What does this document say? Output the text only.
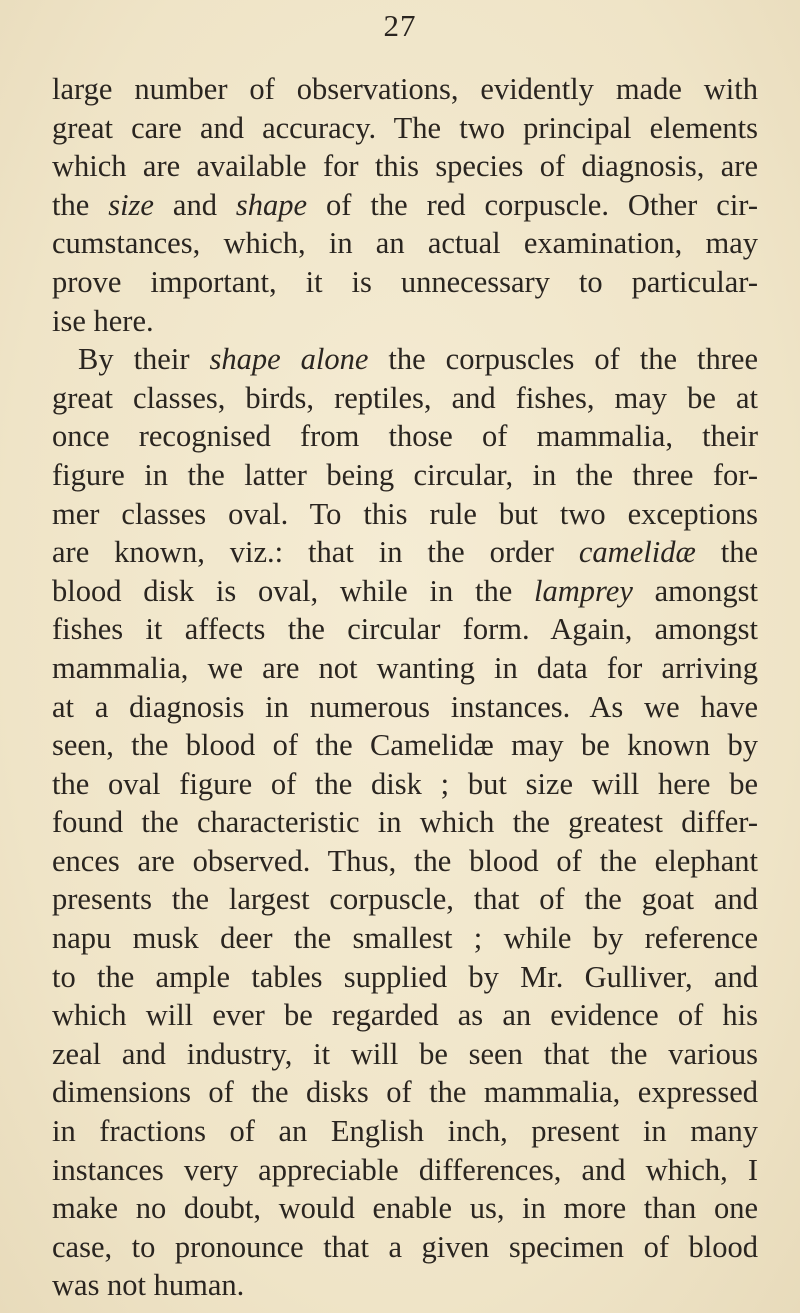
27
large number of observations, evidently made with
great care and accuracy. The two principal elements
which are available for this species of diagnosis, are
the size and shape of the red corpuscle. Other cir-
cumstances, which, in an actual examination, may
prove important, it is unnecessary to particular-
ise here.
By their shape alone the corpuscles of the three
great classes, birds, reptiles, and fishes, may be at
once recognised from those of mammalia, their
figure in the latter being circular, in the three for-
mer classes oval. To this rule but two exceptions
are known, viz.: that in the order camelidæ the
blood disk is oval, while in the lamprey amongst
fishes it affects the circular form. Again, amongst
mammalia, we are not wanting in data for arriving
at a diagnosis in numerous instances. As we have
seen, the blood of the Camelidæ may be known by
the oval figure of the disk ; but size will here be
found the characteristic in which the greatest differ-
ences are observed. Thus, the blood of the elephant
presents the largest corpuscle, that of the goat and
napu musk deer the smallest ; while by reference
to the ample tables supplied by Mr. Gulliver, and
which will ever be regarded as an evidence of his
zeal and industry, it will be seen that the various
dimensions of the disks of the mammalia, expressed
in fractions of an English inch, present in many
instances very appreciable differences, and which, I
make no doubt, would enable us, in more than one
case, to pronounce that a given specimen of blood
was not human.
